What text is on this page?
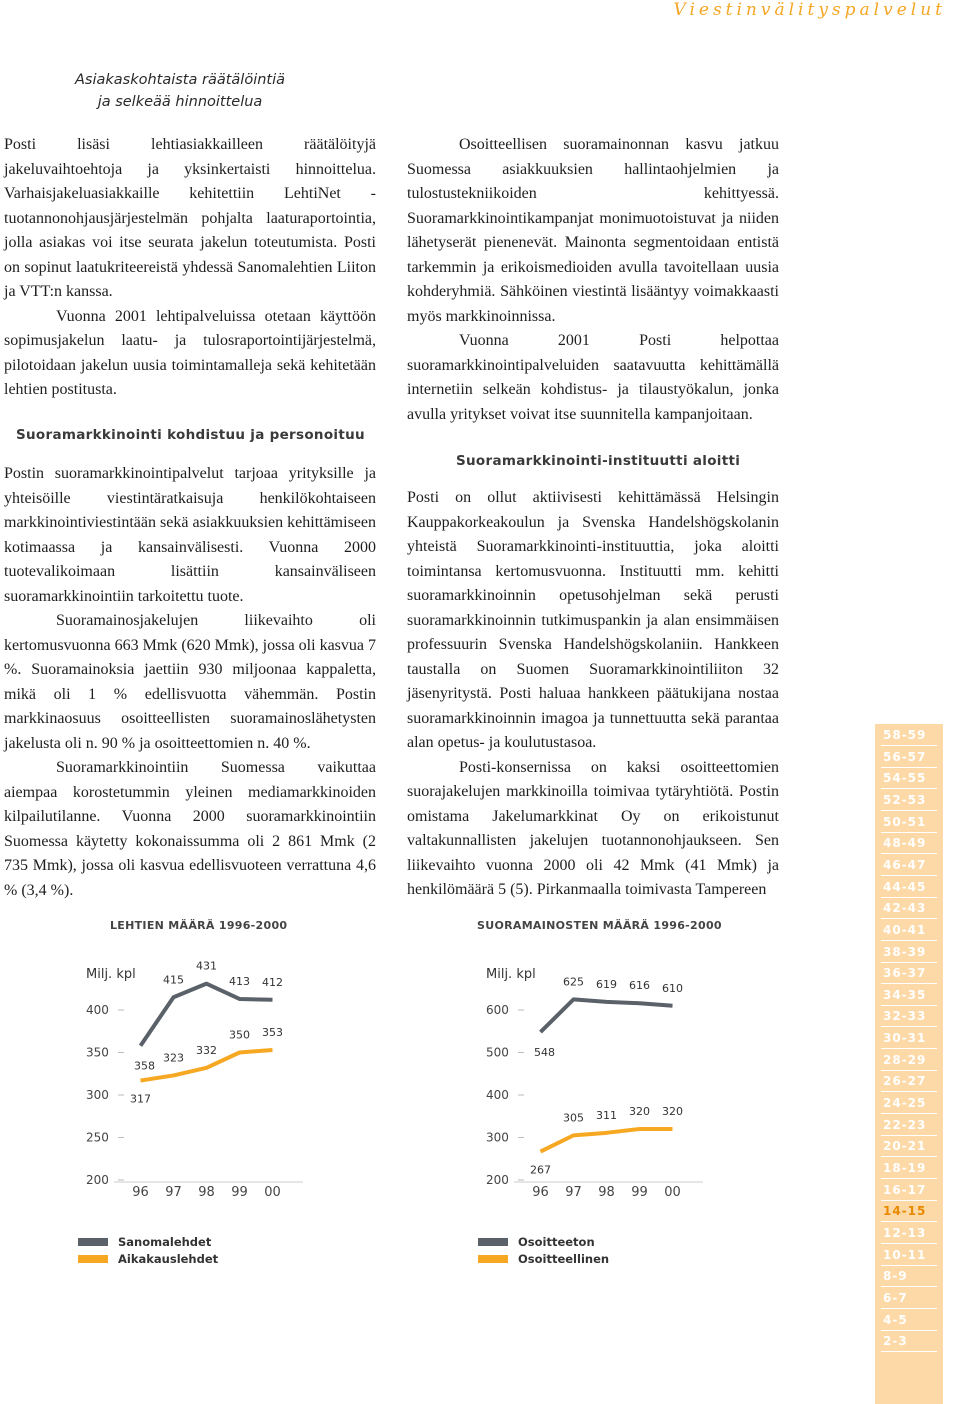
Viestinvälityspalvelut
Asiakaskohtaista räätälöintiä
ja selkeää hinnoittelua

Posti lisäsi lehtiasiakkailleen räätälöityjä jakeluvaihtoehtoja ja yksinkertaisti hinnoittelua. Varhaisjakeluasiakkaille kehitettiin LehtiNet -tuotannonohjausjärjestelmän pohjalta laaturaportointia, jolla asiakas voi itse seurata jakelun toteutumista. Posti on sopinut laatukriteereistä yhdessä Sanomalehtien Liiton ja VTT:n kanssa.

Vuonna 2001 lehtipalveluissa otetaan käyttöön sopimusjakelun laatu- ja tulosraportointijärjestelmä, pilotoidaan jakelun uusia toimintamalleja sekä kehitetään lehtien postitusta.

Suoramarkkinointi kohdistuu ja personoituu

Postin suoramarkkinointipalvelut tarjoaa yrityksille ja yhteisöille viestintäratkaisuja henkilökohtaiseen markkinointiviestintään sekä asiakkuuksien kehittämiseen kotimaassa ja kansainvälisesti. Vuonna 2000 tuotevalikoimaan lisättiin kansainväliseen suoramarkkinointiin tarkoitettu tuote.

Suoramainosjakelujen liikevaihto oli kertomusvuonna 663 Mmk (620 Mmk), jossa oli kasvua 7 %. Suoramainoksia jaettiin 930 miljoonaa kappaletta, mikä oli 1 % edellisvuotta vähemmän. Postin markkinaosuus osoitteellisten suoramainoslähetysten jakelusta oli n. 90 % ja osoitteettomien n. 40 %.

Suoramarkkinointiin Suomessa vaikuttaa aiempaa korostetummin yleinen mediamarkkinoiden kilpailutilanne. Vuonna 2000 suoramarkkinointiin Suomessa käytetty kokonaissumma oli 2 861 Mmk (2 735 Mmk), jossa oli kasvua edellisvuoteen verrattuna 4,6 % (3,4 %).

Osoitteellisen suoramainonnan kasvu jatkuu Suomessa asiakkuuksien hallintaohjelmien ja tulostustekniikoiden kehittyessä. Suoramarkkinointikampanjat monimuotoistuvat ja niiden lähetyserät pienenevät. Mainonta segmentoidaan entistä tarkemmin ja erikoismedioiden avulla tavoitellaan uusia kohderyhmiä. Sähköinen viestintä lisääntyy voimakkaasti myös markkinoinnissa.

Vuonna 2001 Posti helpottaa suoramarkkinointipalveluiden saatavuutta kehittämällä internetiin selkeän kohdistus- ja tilaustyökalun, jonka avulla yritykset voivat itse suunnitella kampanjoitaan.

Suoramarkkinointi-instituutti aloitti

Posti on ollut aktiivisesti kehittämässä Helsingin Kauppakorkeakoulun ja Svenska Handelshögskolanin yhteistä Suoramarkkinointi-instituuttia, joka aloitti toimintansa kertomusvuonna. Instituutti mm. kehitti suoramarkkinoinnin opetusohjelman sekä perusti suoramarkkinoinnin tutkimuspankin ja alan ensimmäisen professuurin Svenska Handelshögskolaniin. Hankkeen taustalla on Suomen Suoramarkkinointiliiton 32 jäsenyritystä. Posti haluaa hankkeen päätukijana nostaa suoramarkkinoinnin imagoa ja tunnettuutta sekä parantaa alan opetus- ja koulutustasoa.

Posti-konsernissa on kaksi osoitteettomien suorajakelujen markkinoilla toimivaa tytäryhtiötä. Postin omistama Jakelumarkkinat Oy on erikoistunut valtakunnallisten jakelujen tuotannonohjaukseen. Sen liikevaihto vuonna 2000 oli 42 Mmk (41 Mmk) ja henkilömäärä 5 (5). Pirkanmaalla toimivasta Tampereen

LEHTIEN MÄÄRÄ 1996-2000
Milj. kpl
400
350
300
250
200
96 97 98 99 00
358
415
431
413 412
317
323
332
350 353
Sanomalehdet
Aikakauslehdet
SUORAMAINOSTEN MÄÄRÄ 1996-2000
Milj. kpl
600
500
400
300
200
96 97 98 99 00
548
625 619 616 610
267
305 311 320 320
Osoitteeton
Osoitteellinen
58-59
56-57
54-55
52-53
50-51
48-49
46-47
44-45
42-43
40-41
38-39
36-37
34-35
32-33
30-31
28-29
26-27
24-25
22-23
20-21
18-19
16-17
14-15
12-13
10-11
8-9
6-7
4-5
2-3
